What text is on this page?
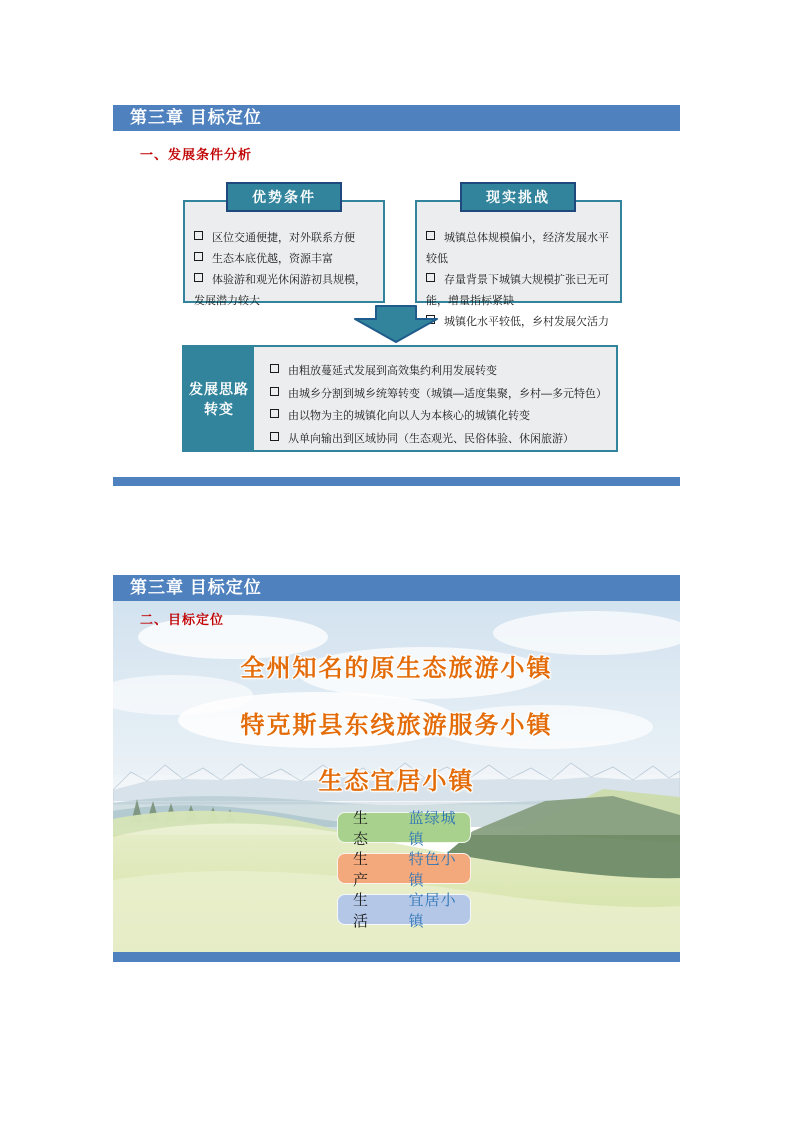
第三章 目标定位
一、发展条件分析
区位交通便捷，对外联系方便
生态本底优越，资源丰富
体验游和观光休闲游初具规模，发展潜力较大
优势条件
城镇总体规模偏小，经济发展水平较低
存量背景下城镇大规模扩张已无可能，增量指标紧缺
城镇化水平较低，乡村发展欠活力
现实挑战
发展思路
转变
由粗放蔓延式发展到高效集约利用发展转变
由城乡分割到城乡统筹转变（城镇—适度集聚，乡村—多元特色）
由以物为主的城镇化向以人为本核心的城镇化转变
从单向输出到区域协同（生态观光、民俗体验、休闲旅游）
第三章 目标定位
二、目标定位
全州知名的原生态旅游小镇
特克斯县东线旅游服务小镇
生态宜居小镇
生态
蓝绿城镇
生产
特色小镇
生活
宜居小镇
